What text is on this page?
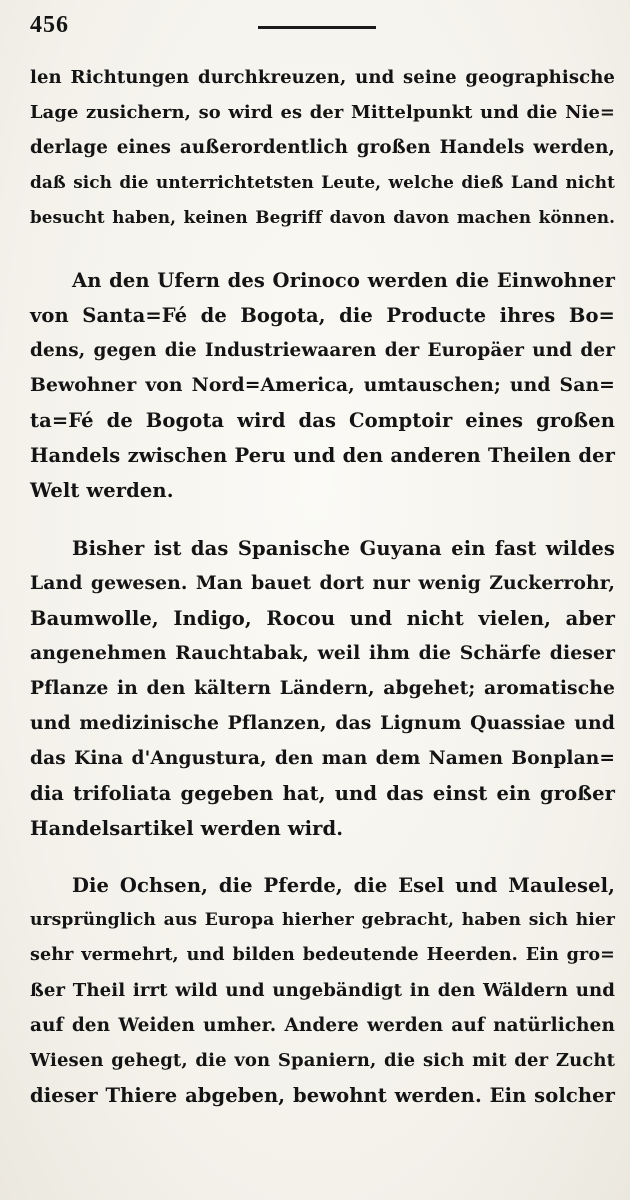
456
len Richtungen durchkreuzen, und seine geographische
Lage zusichern, so wird es der Mittelpunkt und die Nie=
derlage eines außerordentlich großen Handels werden,
daß sich die unterrichtetsten Leute, welche dieß Land nicht
besucht haben, keinen Begriff davon davon machen können.
An den Ufern des Orinoco werden die Einwohner
von Santa=Fé de Bogota, die Producte ihres Bo=
dens, gegen die Industriewaaren der Europäer und der
Bewohner von Nord=America, umtauschen; und San=
ta=Fé de Bogota wird das Comptoir eines großen
Handels zwischen Peru und den anderen Theilen der
Welt werden.
Bisher ist das Spanische Guyana ein fast wildes
Land gewesen. Man bauet dort nur wenig Zuckerrohr,
Baumwolle, Indigo, Rocou und nicht vielen, aber
angenehmen Rauchtabak, weil ihm die Schärfe dieser
Pflanze in den kältern Ländern, abgehet; aromatische
und medizinische Pflanzen, das Lignum Quassiae und
das Kina d'Angustura, den man dem Namen Bonplan=
dia trifoliata gegeben hat, und das einst ein großer
Handelsartikel werden wird.
Die Ochsen, die Pferde, die Esel und Maulesel,
ursprünglich aus Europa hierher gebracht, haben sich hier
sehr vermehrt, und bilden bedeutende Heerden. Ein gro=
ßer Theil irrt wild und ungebändigt in den Wäldern und
auf den Weiden umher. Andere werden auf natürlichen
Wiesen gehegt, die von Spaniern, die sich mit der Zucht
dieser Thiere abgeben, bewohnt werden. Ein solcher
